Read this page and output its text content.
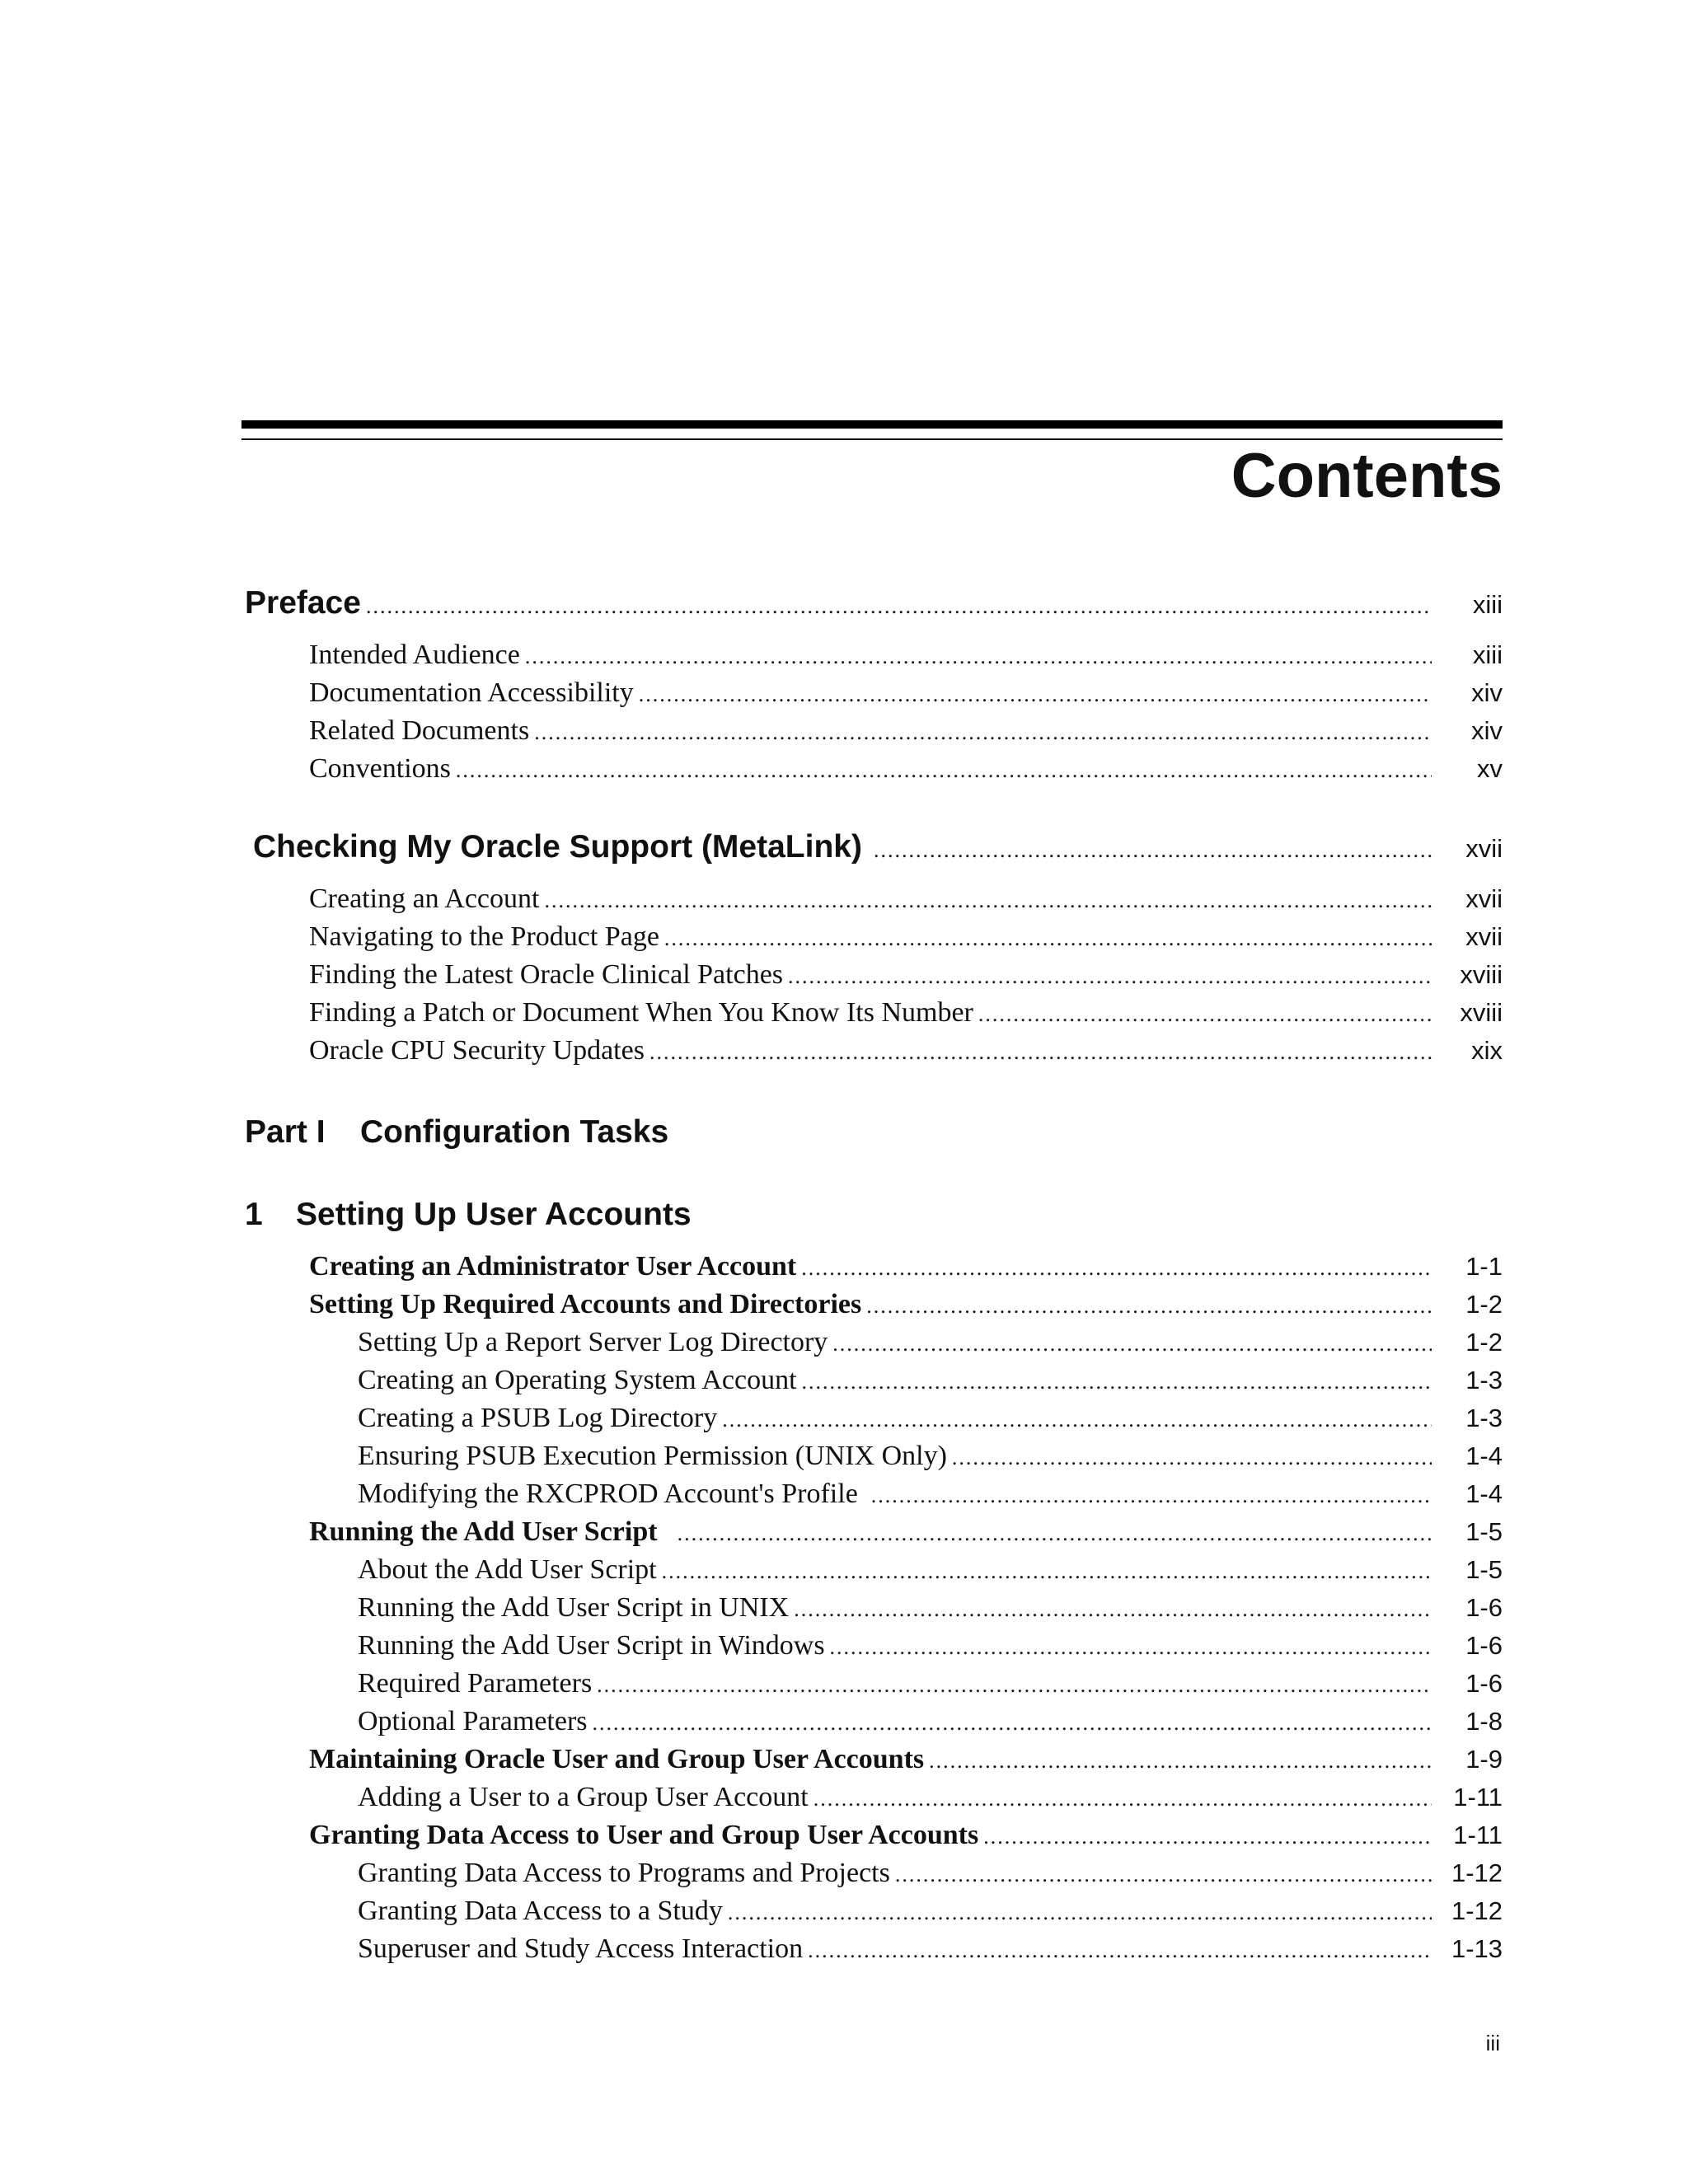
Contents
Preface .....	xiii
Intended Audience .....	xiii
Documentation Accessibility .....	xiv
Related Documents .....	xiv
Conventions .....	xv
Checking My Oracle Support (MetaLink) .....	xvii
Creating an Account .....	xvii
Navigating to the Product Page .....	xvii
Finding the Latest Oracle Clinical Patches .....	xviii
Finding a Patch or Document When You Know Its Number .....	xviii
Oracle CPU Security Updates .....	xix
Part I Configuration Tasks
1 Setting Up User Accounts
Creating an Administrator User Account .....	1-1
Setting Up Required Accounts and Directories .....	1-2
Setting Up a Report Server Log Directory .....	1-2
Creating an Operating System Account .....	1-3
Creating a PSUB Log Directory .....	1-3
Ensuring PSUB Execution Permission (UNIX Only) .....	1-4
Modifying the RXCPROD Account's Profile .....	1-4
Running the Add User Script .....	1-5
About the Add User Script .....	1-5
Running the Add User Script in UNIX .....	1-6
Running the Add User Script in Windows .....	1-6
Required Parameters .....	1-6
Optional Parameters .....	1-8
Maintaining Oracle User and Group User Accounts .....	1-9
Adding a User to a Group User Account .....	1-11
Granting Data Access to User and Group User Accounts .....	1-11
Granting Data Access to Programs and Projects .....	1-12
Granting Data Access to a Study .....	1-12
Superuser and Study Access Interaction .....	1-13
iii
